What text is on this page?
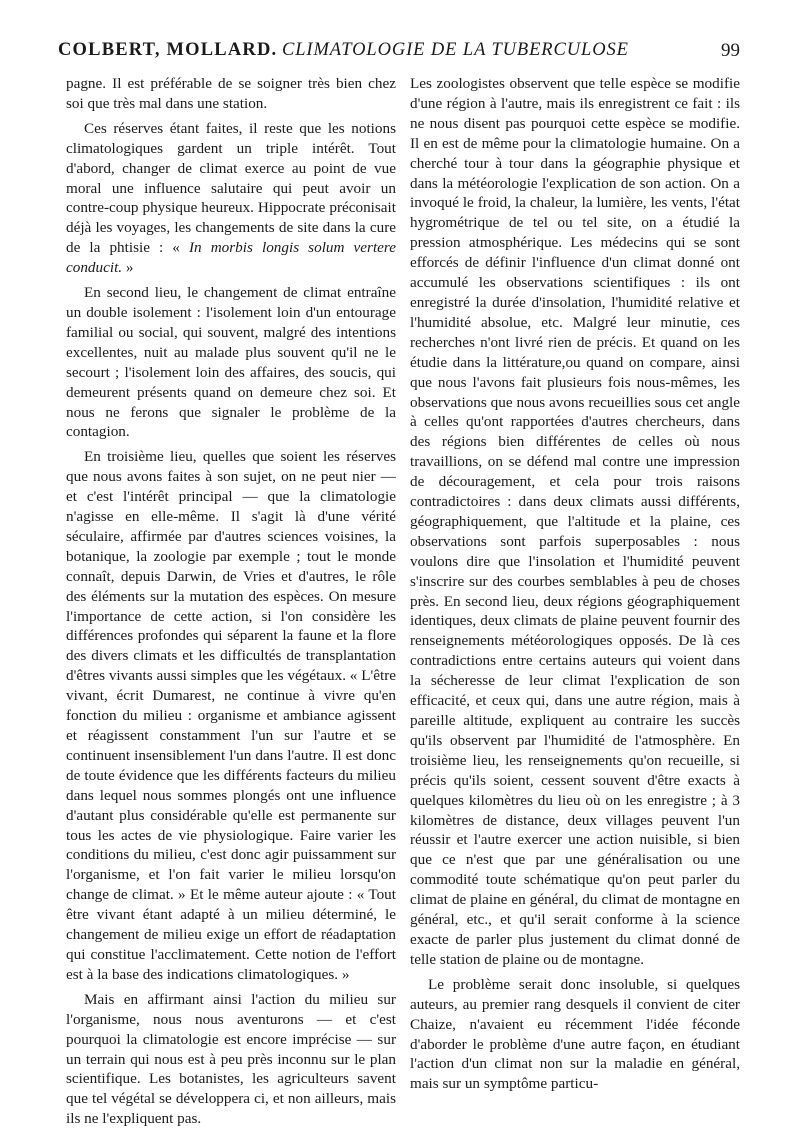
COLBERT, MOLLARD. CLIMATOLOGIE DE LA TUBERCULOSE	99

pagne. Il est préférable de se soigner très bien chez soi que très mal dans une station.

Ces réserves étant faites, il reste que les notions climatologiques gardent un triple intérêt. Tout d'abord, changer de climat exerce au point de vue moral une influence salutaire qui peut avoir un contre-coup physique heureux. Hippocrate préconisait déjà les voyages, les changements de site dans la cure de la phtisie : « In morbis longis solum vertere conducit. »

En second lieu, le changement de climat entraîne un double isolement : l'isolement loin d'un entourage familial ou social, qui souvent, malgré des intentions excellentes, nuit au malade plus souvent qu'il ne le secourt ; l'isolement loin des affaires, des soucis, qui demeurent présents quand on demeure chez soi. Et nous ne ferons que signaler le problème de la contagion.

En troisième lieu, quelles que soient les réserves que nous avons faites à son sujet, on ne peut nier — et c'est l'intérêt principal — que la climatologie n'agisse en elle-même. Il s'agit là d'une vérité séculaire, affirmée par d'autres sciences voisines, la botanique, la zoologie par exemple ; tout le monde connaît, depuis Darwin, de Vries et d'autres, le rôle des éléments sur la mutation des espèces. On mesure l'importance de cette action, si l'on considère les différences profondes qui séparent la faune et la flore des divers climats et les difficultés de transplantation d'êtres vivants aussi simples que les végétaux. « L'être vivant, écrit Dumarest, ne continue à vivre qu'en fonction du milieu : organisme et ambiance agissent et réagissent constamment l'un sur l'autre et se continuent insensiblement l'un dans l'autre. Il est donc de toute évidence que les différents facteurs du milieu dans lequel nous sommes plongés ont une influence d'autant plus considérable qu'elle est permanente sur tous les actes de vie physiologique. Faire varier les conditions du milieu, c'est donc agir puissamment sur l'organisme, et l'on fait varier le milieu lorsqu'on change de climat. » Et le même auteur ajoute : « Tout être vivant étant adapté à un milieu déterminé, le changement de milieu exige un effort de réadaptation qui constitue l'acclimatement. Cette notion de l'effort est à la base des indications climatologiques. »

Mais en affirmant ainsi l'action du milieu sur l'organisme, nous nous aventurons — et c'est pourquoi la climatologie est encore imprécise — sur un terrain qui nous est à peu près inconnu sur le plan scientifique. Les botanistes, les agriculteurs savent que tel végétal se développera ci, et non ailleurs, mais ils ne l'expliquent pas.

Les zoologistes observent que telle espèce se modifie d'une région à l'autre, mais ils enregistrent ce fait : ils ne nous disent pas pourquoi cette espèce se modifie. Il en est de même pour la climatologie humaine. On a cherché tour à tour dans la géographie physique et dans la météorologie l'explication de son action. On a invoqué le froid, la chaleur, la lumière, les vents, l'état hygrométrique de tel ou tel site, on a étudié la pression atmosphérique. Les médecins qui se sont efforcés de définir l'influence d'un climat donné ont accumulé les observations scientifiques : ils ont enregistré la durée d'insolation, l'humidité relative et l'humidité absolue, etc. Malgré leur minutie, ces recherches n'ont livré rien de précis. Et quand on les étudie dans la littérature,ou quand on compare, ainsi que nous l'avons fait plusieurs fois nous-mêmes, les observations que nous avons recueillies sous cet angle à celles qu'ont rapportées d'autres chercheurs, dans des régions bien différentes de celles où nous travaillions, on se défend mal contre une impression de découragement, et cela pour trois raisons contradictoires : dans deux climats aussi différents, géographiquement, que l'altitude et la plaine, ces observations sont parfois superposables : nous voulons dire que l'insolation et l'humidité peuvent s'inscrire sur des courbes semblables à peu de choses près. En second lieu, deux régions géographiquement identiques, deux climats de plaine peuvent fournir des renseignements météorologiques opposés. De là ces contradictions entre certains auteurs qui voient dans la sécheresse de leur climat l'explication de son efficacité, et ceux qui, dans une autre région, mais à pareille altitude, expliquent au contraire les succès qu'ils observent par l'humidité de l'atmosphère. En troisième lieu, les renseignements qu'on recueille, si précis qu'ils soient, cessent souvent d'être exacts à quelques kilomètres du lieu où on les enregistre ; à 3 kilomètres de distance, deux villages peuvent l'un réussir et l'autre exercer une action nuisible, si bien que ce n'est que par une généralisation ou une commodité toute schématique qu'on peut parler du climat de plaine en général, du climat de montagne en général, etc., et qu'il serait conforme à la science exacte de parler plus justement du climat donné de telle station de plaine ou de montagne.

Le problème serait donc insoluble, si quelques auteurs, au premier rang desquels il convient de citer Chaize, n'avaient eu récemment l'idée féconde d'aborder le problème d'une autre façon, en étudiant l'action d'un climat non sur la maladie en général, mais sur un symptôme particu-
